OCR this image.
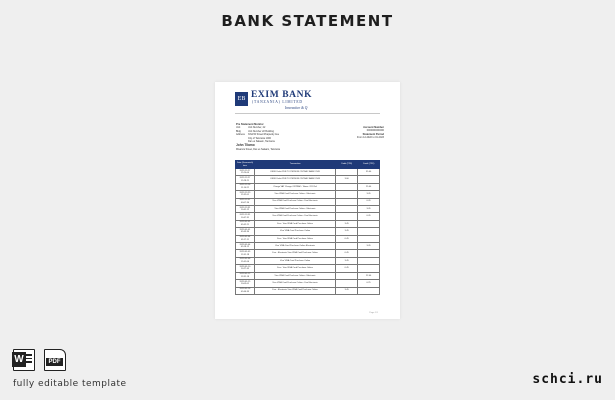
BANK STATEMENT
EB EXIM BANK
(TANZANIA) LIMITED
Innovative & Q
Pre Statement Monitor
Unit	Unit Number, 22
Bldg	Unit Number 22 Building
Address	3/32/34 Street Rhapsody Ave
City of Tanzania 1000
Dar es Salaam, Tanzania
John Tilamo
Mwanza Street, Dar es Salaam, Tanzania
Account Number
0000000000000
Statement Period
From 12-2022 to 01-2023
Date (Greenwich) time	Transaction	Debit (TZS)	Credit (TZS)
2022-12-27 15:20:00	USSD Debit PUB TO PERSON ONTRAC BANK 2345		35.00
2022-12-27 15:28:21	USSD Debit PUB TO PERSON ONTRAC BANK 2343	3.00	
2022-12-28 11:10:22	Charge VAT Charge ONTRAC / Name / PO Ref		25.00
2022-12-29 15:32:01	Visa VISA Card Purchase Online - Electronic		3.45
2022-12-31 00:07:36	Visa VISA Card Purchase Online - Fee Electronic		0.45
2022-12-31 10:41:12	Visa VISA Card Purchase Online - Electronic		3.45
2022-12-31 10:47:31	Visa VISA Card Purchase Online - Fee Electronic		0.45
2023-01-01 09:42:21	Fee - Visa VISA Card Purchase Online	3.45	
2023-01-01 09:43:30	Visa VISA Card Purchase Online	3.45	
2023-01-04 09:17:11	Fee - Visa VISA Card Purchase Online	0.45	
2023-01-04 09:18:12	Visa VISA Card Purchase Online Electronic		3.45
2023-01-05 12:41:18	Fee - Electronic Visa VISA Card Purchase Online	0.45	
2023-01-08 15:41:06	Visa VISA Card Purchase Online	3.45	
2023-01-10 10:27:45	Fee - Visa VISA Card Purchase Online	0.45	
2023-01-12 13:31:18	Visa VISA Card Purchase Online - Electronic		22.00
2023-01-15 10:09:01	Visa VISA Card Purchase Online - Fee Electronic		0.25
2023-01-18 09:46:39	Fee - Electronic Visa VISA Card Purchase Online	3.45	
Page 1/1
W	PDF
fully editable template	schci.ru
